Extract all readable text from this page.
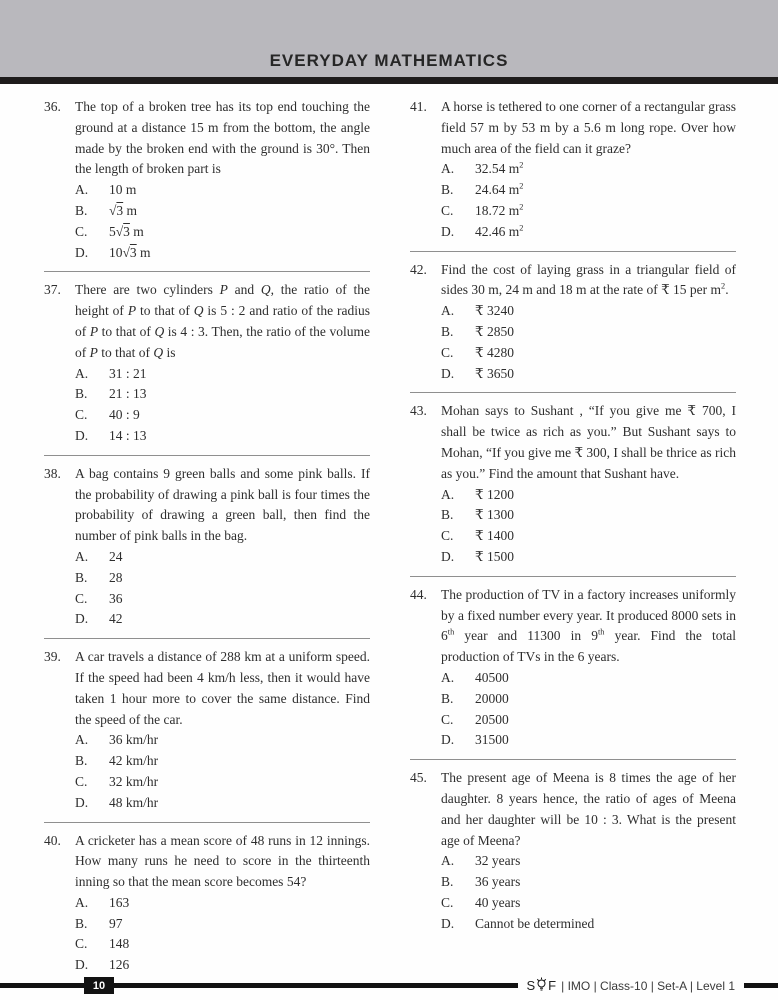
EVERYDAY MATHEMATICS
36.	The top of a broken tree has its top end touching the ground at a distance 15 m from the bottom, the angle made by the broken end with the ground is 30°. Then the length of broken part is

A.	10 m
B.	√3 m
C.	5√3 m
D.	10√3 m
37.	There are two cylinders P and Q, the ratio of the height of P to that of Q is 5 : 2 and ratio of the radius of P to that of Q is 4 : 3. Then, the ratio of the volume of P to that of Q is

A.	31 : 21
B.	21 : 13
C.	40 : 9
D.	14 : 13
38.	A bag contains 9 green balls and some pink balls. If the probability of drawing a pink ball is four times the probability of drawing a green ball, then find the number of pink balls in the bag.

A.	24
B.	28
C.	36
D.	42
39.	A car travels a distance of 288 km at a uniform speed. If the speed had been 4 km/h less, then it would have taken 1 hour more to cover the same distance. Find the speed of the car.

A.	36 km/hr
B.	42 km/hr
C.	32 km/hr
D.	48 km/hr
40.	A cricketer has a mean score of 48 runs in 12 innings. How many runs he need to score in the thirteenth inning so that the mean score becomes 54?

A.	163
B.	97
C.	148
D.	126
41.	A horse is tethered to one corner of a rectangular grass field 57 m by 53 m by a 5.6 m long rope. Over how much area of the field can it graze?

A.	32.54 $m^2$
B.	24.64 $m^2$
C.	18.72 $m^2$
D.	42.46 $m^2$
42.	Find the cost of laying grass in a triangular field of sides 30 m, 24 m and 18 m at the rate of ₹ 15 per $m^2$.

A.	₹ 3240
B.	₹ 2850
C.	₹ 4280
D.	₹ 3650
43.	Mohan says to Sushant , “If you give me ₹ 700, I shall be twice as rich as you.” But Sushant says to Mohan, “If you give me ₹ 300, I shall be thrice as rich as you.” Find the amount that Sushant have.

A.	₹ 1200
B.	₹ 1300
C.	₹ 1400
D.	₹ 1500
44.	The production of TV in a factory increases uniformly by a fixed number every year. It produced 8000 sets in 6th year and 11300 in 9th year. Find the total production of TVs in the 6 years.

A.	40500
B.	20000
C.	20500
D.	31500
45.	The present age of Meena is 8 times the age of her daughter. 8 years hence, the ratio of ages of Meena and her daughter will be 10 : 3. What is the present age of Meena?

A.	32 years
B.	36 years
C.	40 years
D.	Cannot be determined
10	S F | IMO | Class-10 | Set-A | Level 1
